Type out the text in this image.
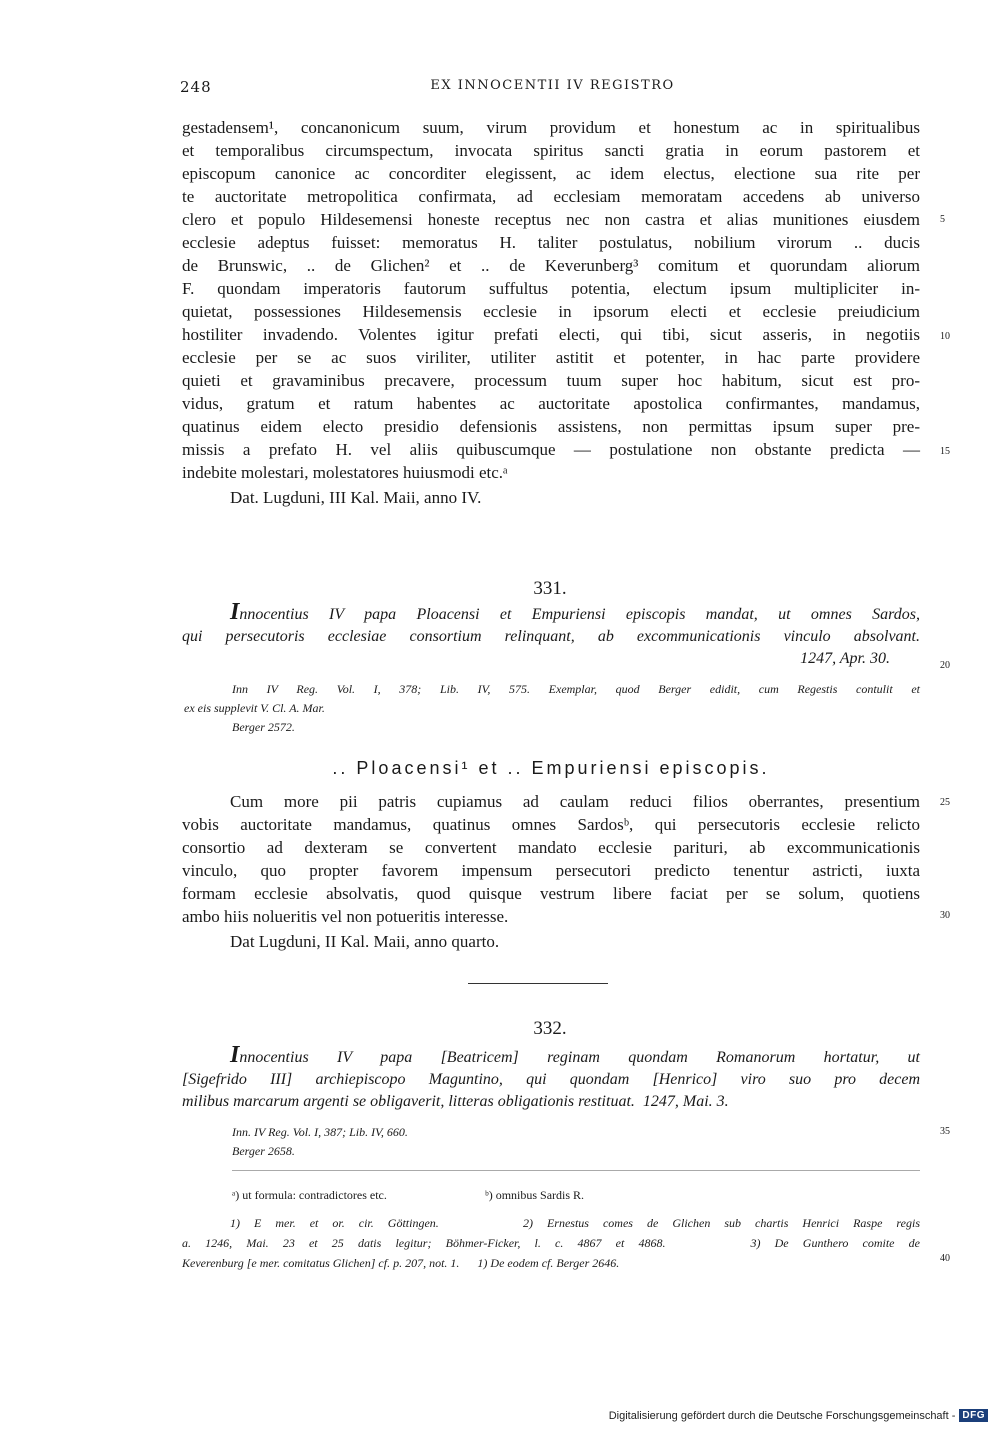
248	EX INNOCENTII IV REGISTRO
gestadensem¹, concanonicum suum, virum providum et honestum ac in spiritualibus
et temporalibus circumspectum, invocata spiritus sancti gratia in eorum pastorem et
episcopum canonice ac concorditer elegissent, ac idem electus, electione sua rite per
te auctoritate metropolitica confirmata, ad ecclesiam memoratam accedens ab universo
clero et populo Hildesemensi honeste receptus nec non castra et alias munitiones eiusdem
ecclesie adeptus fuisset: memoratus H. taliter postulatus, nobilium virorum .. ducis
de Brunswic, .. de Glichen² et .. de Keverunberg³ comitum et quorundam aliorum
F. quondam imperatoris fautorum suffultus potentia, electum ipsum multipliciter in-
quietat, possessiones Hildesemensis ecclesie in ipsorum electi et ecclesie preiudicium
hostiliter invadendo. Volentes igitur prefati electi, qui tibi, sicut asseris, in negotiis
ecclesie per se ac suos viriliter, utiliter astitit et potenter, in hac parte providere
quieti et gravaminibus precavere, processum tuum super hoc habitum, sicut est pro-
vidus, gratum et ratum habentes ac auctoritate apostolica confirmantes, mandamus,
quatinus eidem electo presidio defensionis assistens, non permittas ipsum super pre-
missis a prefato H. vel aliis quibuscumque — postulatione non obstante predicta —
indebite molestari, molestatores huiusmodi etc.ᵃ
Dat. Lugduni, III Kal. Maii, anno IV.
5
10
15
20
25
30
35
40
331.
Innocentius IV papa Ploacensi et Empuriensi episcopis mandat, ut omnes Sardos,
qui persecutoris ecclesiae consortium relinquant, ab excommunicationis vinculo absolvant.
1247, Apr. 30.
Inn IV Reg. Vol. I, 378; Lib. IV, 575. Exemplar, quod Berger edidit, cum Regestis contulit et
ex eis supplevit V. Cl. A. Mar.
Berger 2572.
.. Ploacensi¹ et .. Empuriensi episcopis.
Cum more pii patris cupiamus ad caulam reduci filios oberrantes, presentium
vobis auctoritate mandamus, quatinus omnes Sardosᵇ, qui persecutoris ecclesie relicto
consortio ad dexteram se convertent mandato ecclesie parituri, ab excommunicationis
vinculo, quo propter favorem impensum persecutori predicto tenentur astricti, iuxta
formam ecclesie absolvatis, quod quisque vestrum libere faciat per se solum, quotiens
ambo hiis nolueritis vel non potueritis interesse.
Dat Lugduni, II Kal. Maii, anno quarto.
332.
Innocentius IV papa [Beatricem] reginam quondam Romanorum hortatur, ut
[Sigefrido III] archiepiscopo Maguntino, qui quondam [Henrico] viro suo pro decem
milibus marcarum argenti se obligaverit, litteras obligationis restituat. 1247, Mai. 3.
Inn. IV Reg. Vol. I, 387; Lib. IV, 660.
Berger 2658.
ᵃ) ut formula: contradictores etc.	ᵇ) omnibus Sardis R.
1) E mer. et or. cir. Göttingen.      2) Ernestus comes de Glichen sub chartis Henrici Raspe regis
a. 1246, Mai. 23 et 25 datis legitur; Böhmer-Ficker, l. c. 4867 et 4868.      3) De Gunthero comite de
Keverenburg [e mer. comitatus Glichen] cf. p. 207, not. 1.      1) De eodem cf. Berger 2646.
Digitalisierung gefördert durch die Deutsche Forschungsgemeinschaft - DFG
